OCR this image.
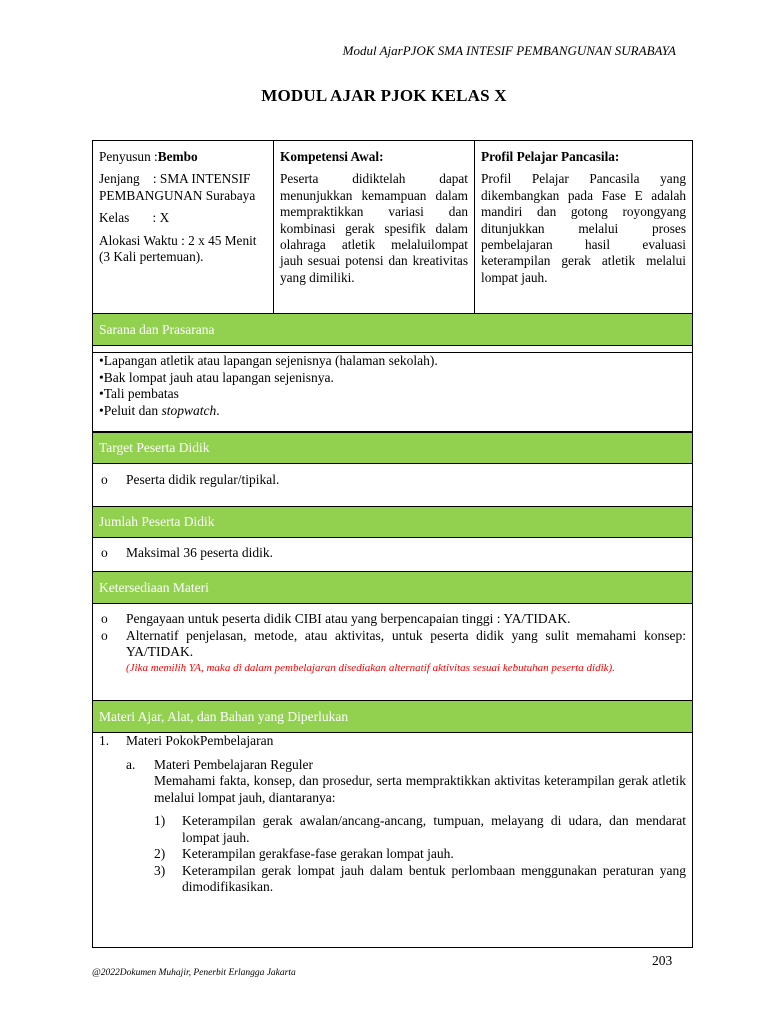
Modul AjarPJOK SMA INTESIF PEMBANGUNAN SURABAYA
MODUL AJAR PJOK KELAS X

Penyusun :Bembo

Jenjang    : SMA INTENSIF PEMBANGUNAN Surabaya

Kelas       : X

Alokasi Waktu : 2 x 45 Menit (3 Kali pertemuan).

Kompetensi Awal:

Peserta didiktelah dapat menunjukkan kemampuan dalam mempraktikkan variasi dan kombinasi gerak spesifik dalam olahraga atletik melaluilompat jauh sesuai potensi dan kreativitas yang dimiliki.

Profil Pelajar Pancasila:

Profil Pelajar Pancasila yang dikembangkan pada Fase E adalah mandiri dan gotong royongyang ditunjukkan melalui proses pembelajaran hasil evaluasi keterampilan gerak atletik melalui lompat jauh.

Sarana dan Prasarana
•Lapangan atletik atau lapangan sejenisnya (halaman sekolah).
•Bak lompat jauh atau lapangan sejenisnya.
•Tali pembatas
•Peluit dan stopwatch.
Target Peserta Didik
o Peserta didik regular/tipikal.
Jumlah Peserta Didik
o Maksimal 36 peserta didik.
Ketersediaan Materi
o Pengayaan untuk peserta didik CIBI atau yang berpencapaian tinggi : YA/TIDAK.
o Alternatif penjelasan, metode, atau aktivitas, untuk peserta didik yang sulit memahami konsep: YA/TIDAK.
(Jika memilih YA, maka di dalam pembelajaran disediakan alternatif aktivitas sesuai kebutuhan peserta didik).
Materi Ajar, Alat, dan Bahan yang Diperlukan
1. Materi PokokPembelajaran
a. Materi Pembelajaran Reguler
Memahami fakta, konsep, dan prosedur, serta mempraktikkan aktivitas keterampilan gerak atletik melalui lompat jauh, diantaranya:
1) Keterampilan gerak awalan/ancang-ancang, tumpuan, melayang di udara, dan mendarat lompat jauh.
2) Keterampilan gerakfase-fase gerakan lompat jauh.
3) Keterampilan gerak lompat jauh dalam bentuk perlombaan menggunakan peraturan yang dimodifikasikan.
203
@2022Dokumen Muhajir, Penerbit Erlangga Jakarta
